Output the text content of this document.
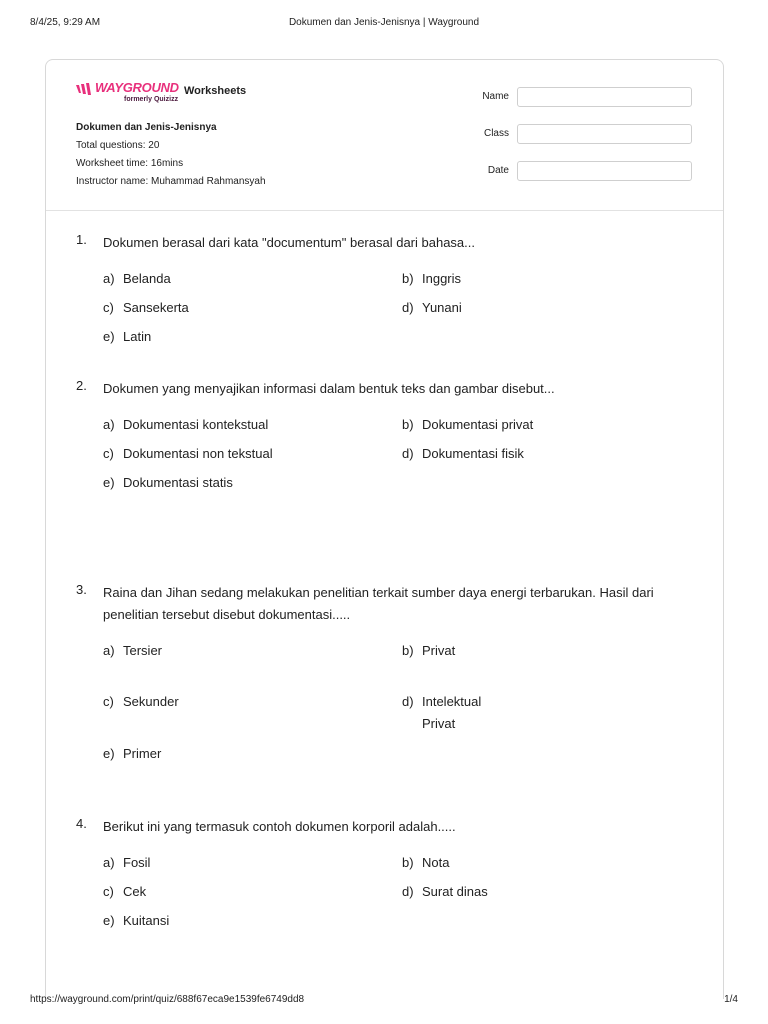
8/4/25, 9:29 AM	Dokumen dan Jenis-Jenisnya | Wayground
WAYGROUND
formerly Quizizz
Worksheets
Dokumen dan Jenis-Jenisnya
Total questions: 20
Worksheet time: 16mins
Instructor name: Muhammad Rahmansyah
Name
Class
Date
1. Dokumen berasal dari kata "documentum" berasal dari bahasa...
a) Belanda	b) Inggris
c) Sansekerta	d) Yunani
e) Latin
2. Dokumen yang menyajikan informasi dalam bentuk teks dan gambar disebut...
a) Dokumentasi kontekstual	b) Dokumentasi privat
c) Dokumentasi non tekstual	d) Dokumentasi fisik
e) Dokumentasi statis
3. Raina dan Jihan sedang melakukan penelitian terkait sumber daya energi terbarukan. Hasil dari penelitian tersebut disebut dokumentasi.....
a) Tersier	b) Privat
c) Sekunder	d) Intelektual Privat
e) Primer
4. Berikut ini yang termasuk contoh dokumen korporil adalah.....
a) Fosil	b) Nota
c) Cek	d) Surat dinas
e) Kuitansi
https://wayground.com/print/quiz/688f67eca9e1539fe6749dd8	1/4
